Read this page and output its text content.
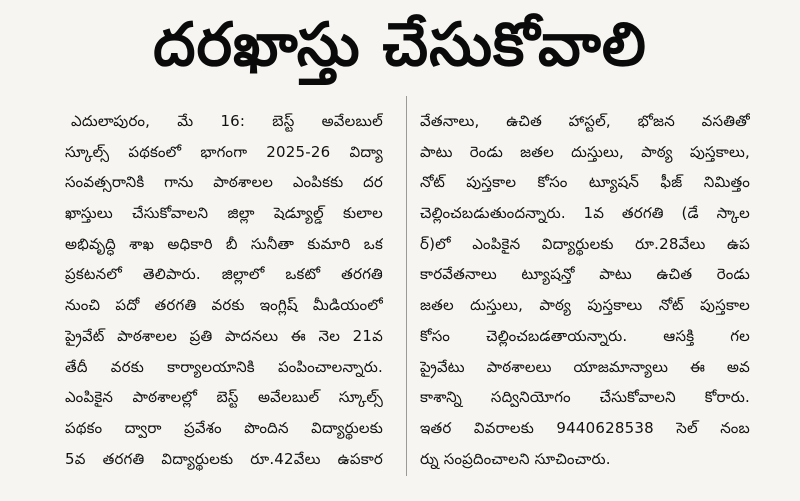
దరఖాస్తు చేసుకోవాలి
ఎదులాపురం, మే 16: బెస్ట్ అవేలబుల్
స్కూల్స్ పథకంలో భాగంగా 2025-26 విద్యా
సంవత్సరానికి గాను పాఠశాలల ఎంపికకు దర
ఖాస్తులు చేసుకోవాలని జిల్లా షెడ్యూల్డ్ కులాల
అభివృద్ధి శాఖ అధికారి బీ సునీతా కుమారి ఒక
ప్రకటనలో తెలిపారు. జిల్లాలో ఒకటో తరగతి
నుంచి పదో తరగతి వరకు ఇంగ్లిష్ మీడియంలో
ప్రైవేట్ పాఠశాలల ప్రతి పాదనలు ఈ నెల 21వ
తేదీ వరకు కార్యాలయానికి పంపించాలన్నారు.
ఎంపికైన పాఠశాలల్లో బెస్ట్ అవేలబుల్ స్కూల్స్
పథకం ద్వారా ప్రవేశం పొందిన విద్యార్థులకు
5వ తరగతి విద్యార్థులకు రూ.42వేలు ఉపకార
వేతనాలు, ఉచిత హాస్టల్, భోజన వసతితో
పాటు రెండు జతల దుస్తులు, పాఠ్య పుస్తకాలు,
నోట్ పుస్తకాల కోసం ట్యూషన్ ఫీజ్ నిమిత్తం
చెల్లించబడుతుందన్నారు. 1వ తరగతి (డే స్కాల
ర్)లో ఎంపికైన విద్యార్థులకు రూ.28వేలు ఉప
కారవేతనాలు ట్యూషన్తో పాటు ఉచిత రెండు
జతల దుస్తులు, పాఠ్య పుస్తకాలు నోట్ పుస్తకాల
కోసం చెల్లించబడతాయన్నారు. ఆసక్తి గల
ప్రైవేటు పాఠశాలలు యాజమాన్యాలు ఈ అవ
కాశాన్ని సద్వినియోగం చేసుకోవాలని కోరారు.
ఇతర వివరాలకు 9440628538 సెల్ నంబ
ర్ను సంప్రదించాలని సూచించారు.
